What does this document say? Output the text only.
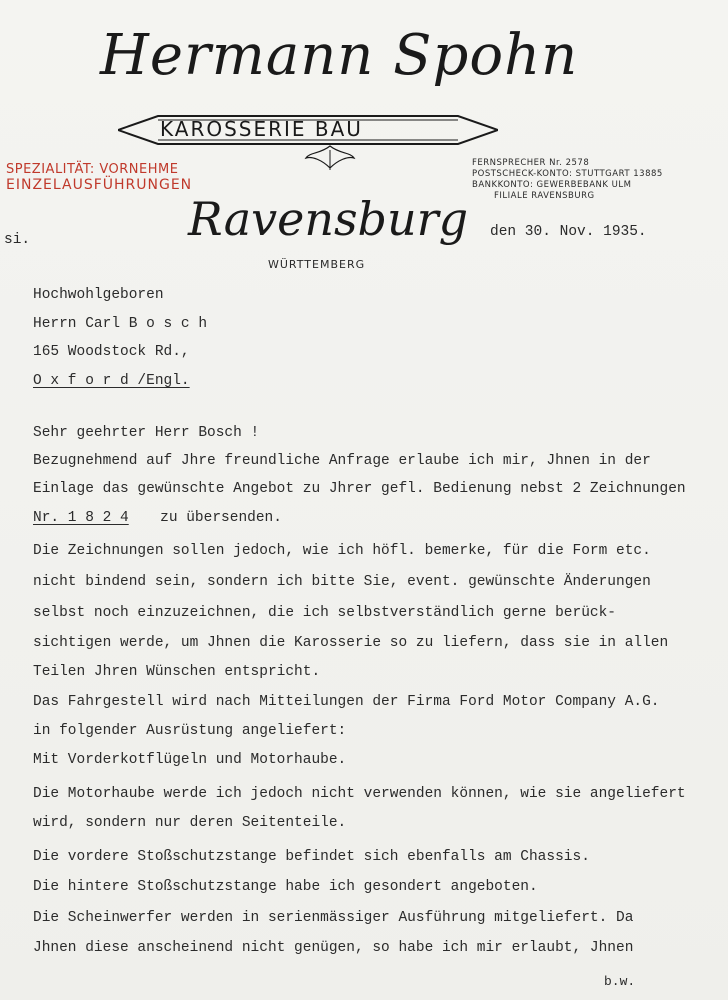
Hermann Spohn
KAROSSERIE BAU
SPEZIALITÄT: VORNEHME
EINZELAUSFÜHRUNGEN
FERNSPRECHER Nr. 2578
POSTSCHECK-KONTO: STUTTGART 13885
BANKKONTO: GEWERBEBANK ULM
FILIALE RAVENSBURG
Ravensburg
WÜRTTEMBERG
den 30. Nov. 1935.
si.
Hochwohlgeboren
Herrn Carl B o s c h
165 Woodstock Rd.,
O x f o r d /Engl.
Sehr geehrter Herr Bosch !
Bezugnehmend auf Jhre freundliche Anfrage erlaube ich mir, Jhnen in der
Einlage das gewünschte Angebot zu Jhrer gefl. Bedienung nebst 2 Zeichnungen
Nr. 1 8 2 4 zu übersenden.
Die Zeichnungen sollen jedoch, wie ich höfl. bemerke, für die Form etc.
nicht bindend sein, sondern ich bitte Sie, event. gewünschte Änderungen
selbst noch einzuzeichnen, die ich selbstverständlich gerne berück-
sichtigen werde, um Jhnen die Karosserie so zu liefern, dass sie in allen
Teilen Jhren Wünschen entspricht.
Das Fahrgestell wird nach Mitteilungen der Firma Ford Motor Company A.G.
in folgender Ausrüstung angeliefert:
Mit Vorderkotflügeln und Motorhaube.
Die Motorhaube werde ich jedoch nicht verwenden können, wie sie angeliefert
wird, sondern nur deren Seitenteile.
Die vordere Stoßschutzstange befindet sich ebenfalls am Chassis.
Die hintere Stoßschutzstange habe ich gesondert angeboten.
Die Scheinwerfer werden in serienmässiger Ausführung mitgeliefert. Da
Jhnen diese anscheinend nicht genügen, so habe ich mir erlaubt, Jhnen
b.w.
